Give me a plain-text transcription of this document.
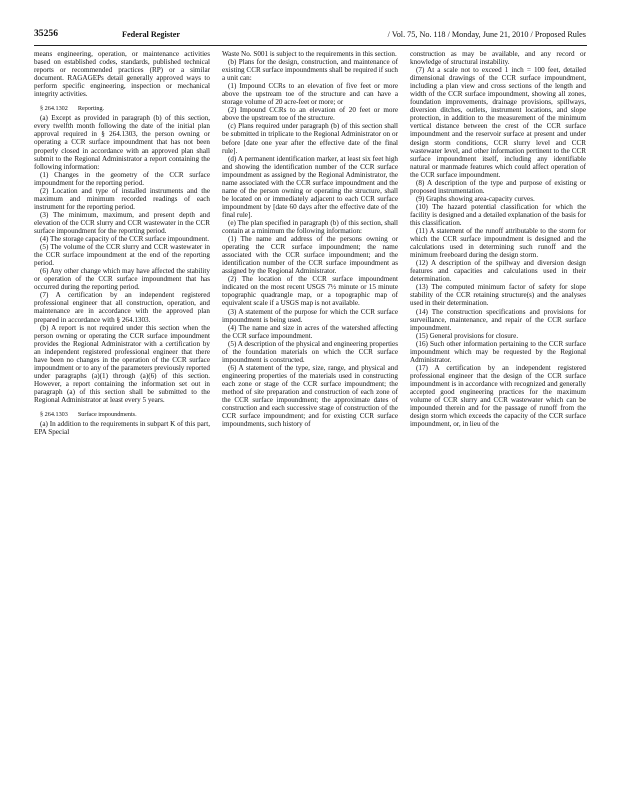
35256	Federal Register	/ Vol. 75, No. 118 / Monday, June 21, 2010 / Proposed Rules

means engineering, operation, or maintenance activities based on established codes, standards, published technical reports or recommended practices (RP) or a similar document. RAGAGEPs detail generally approved ways to perform specific engineering, inspection or mechanical integrity activities.

§ 264.1302 Reporting.

(a) Except as provided in paragraph (b) of this section, every twelfth month following the date of the initial plan approval required in § 264.1303, the person owning or operating a CCR surface impoundment that has not been properly closed in accordance with an approved plan shall submit to the Regional Administrator a report containing the following information:

(1) Changes in the geometry of the CCR surface impoundment for the reporting period.

(2) Location and type of installed instruments and the maximum and minimum recorded readings of each instrument for the reporting period.

(3) The minimum, maximum, and present depth and elevation of the CCR slurry and CCR wastewater in the CCR surface impoundment for the reporting period.

(4) The storage capacity of the CCR surface impoundment.

(5) The volume of the CCR slurry and CCR wastewater in the CCR surface impoundment at the end of the reporting period.

(6) Any other change which may have affected the stability or operation of the CCR surface impoundment that has occurred during the reporting period.

(7) A certification by an independent registered professional engineer that all construction, operation, and maintenance are in accordance with the approved plan prepared in accordance with § 264.1303.

(b) A report is not required under this section when the person owning or operating the CCR surface impoundment provides the Regional Administrator with a certification by an independent registered professional engineer that there have been no changes in the operation of the CCR surface impoundment or to any of the parameters previously reported under paragraphs (a)(1) through (a)(6) of this section. However, a report containing the information set out in paragraph (a) of this section shall be submitted to the Regional Administrator at least every 5 years.

§ 264.1303 Surface impoundments.

(a) In addition to the requirements in subpart K of this part, EPA Special

Waste No. S001 is subject to the requirements in this section.

(b) Plans for the design, construction, and maintenance of existing CCR surface impoundments shall be required if such a unit can:

(1) Impound CCRs to an elevation of five feet or more above the upstream toe of the structure and can have a storage volume of 20 acre-feet or more; or

(2) Impound CCRs to an elevation of 20 feet or more above the upstream toe of the structure.

(c) Plans required under paragraph (b) of this section shall be submitted in triplicate to the Regional Administrator on or before [date one year after the effective date of the final rule].

(d) A permanent identification marker, at least six feet high and showing the identification number of the CCR surface impoundment as assigned by the Regional Administrator, the name associated with the CCR surface impoundment and the name of the person owning or operating the structure, shall be located on or immediately adjacent to each CCR surface impoundment by [date 60 days after the effective date of the final rule].

(e) The plan specified in paragraph (b) of this section, shall contain at a minimum the following information:

(1) The name and address of the persons owning or operating the CCR surface impoundment; the name associated with the CCR surface impoundment; and the identification number of the CCR surface impoundment as assigned by the Regional Administrator.

(2) The location of the CCR surface impoundment indicated on the most recent USGS 7½ minute or 15 minute topographic quadrangle map, or a topographic map of equivalent scale if a USGS map is not available.

(3) A statement of the purpose for which the CCR surface impoundment is being used.

(4) The name and size in acres of the watershed affecting the CCR surface impoundment.

(5) A description of the physical and engineering properties of the foundation materials on which the CCR surface impoundment is constructed.

(6) A statement of the type, size, range, and physical and engineering properties of the materials used in constructing each zone or stage of the CCR surface impoundment; the method of site preparation and construction of each zone of the CCR surface impoundment; the approximate dates of construction and each successive stage of construction of the CCR surface impoundment; and for existing CCR surface impoundments, such history of

construction as may be available, and any record or knowledge of structural instability.

(7) At a scale not to exceed 1 inch = 100 feet, detailed dimensional drawings of the CCR surface impoundment, including a plan view and cross sections of the length and width of the CCR surface impoundment, showing all zones, foundation improvements, drainage provisions, spillways, diversion ditches, outlets, instrument locations, and slope protection, in addition to the measurement of the minimum vertical distance between the crest of the CCR surface impoundment and the reservoir surface at present and under design storm conditions, CCR slurry level and CCR wastewater level, and other information pertinent to the CCR surface impoundment itself, including any identifiable natural or manmade features which could affect operation of the CCR surface impoundment.

(8) A description of the type and purpose of existing or proposed instrumentation.

(9) Graphs showing area-capacity curves.

(10) The hazard potential classification for which the facility is designed and a detailed explanation of the basis for this classification.

(11) A statement of the runoff attributable to the storm for which the CCR surface impoundment is designed and the calculations used in determining such runoff and the minimum freeboard during the design storm.

(12) A description of the spillway and diversion design features and capacities and calculations used in their determination.

(13) The computed minimum factor of safety for slope stability of the CCR retaining structure(s) and the analyses used in their determination.

(14) The construction specifications and provisions for surveillance, maintenance, and repair of the CCR surface impoundment.

(15) General provisions for closure.

(16) Such other information pertaining to the CCR surface impoundment which may be requested by the Regional Administrator.

(17) A certification by an independent registered professional engineer that the design of the CCR surface impoundment is in accordance with recognized and generally accepted good engineering practices for the maximum volume of CCR slurry and CCR wastewater which can be impounded therein and for the passage of runoff from the design storm which exceeds the capacity of the CCR surface impoundment, or, in lieu of the
